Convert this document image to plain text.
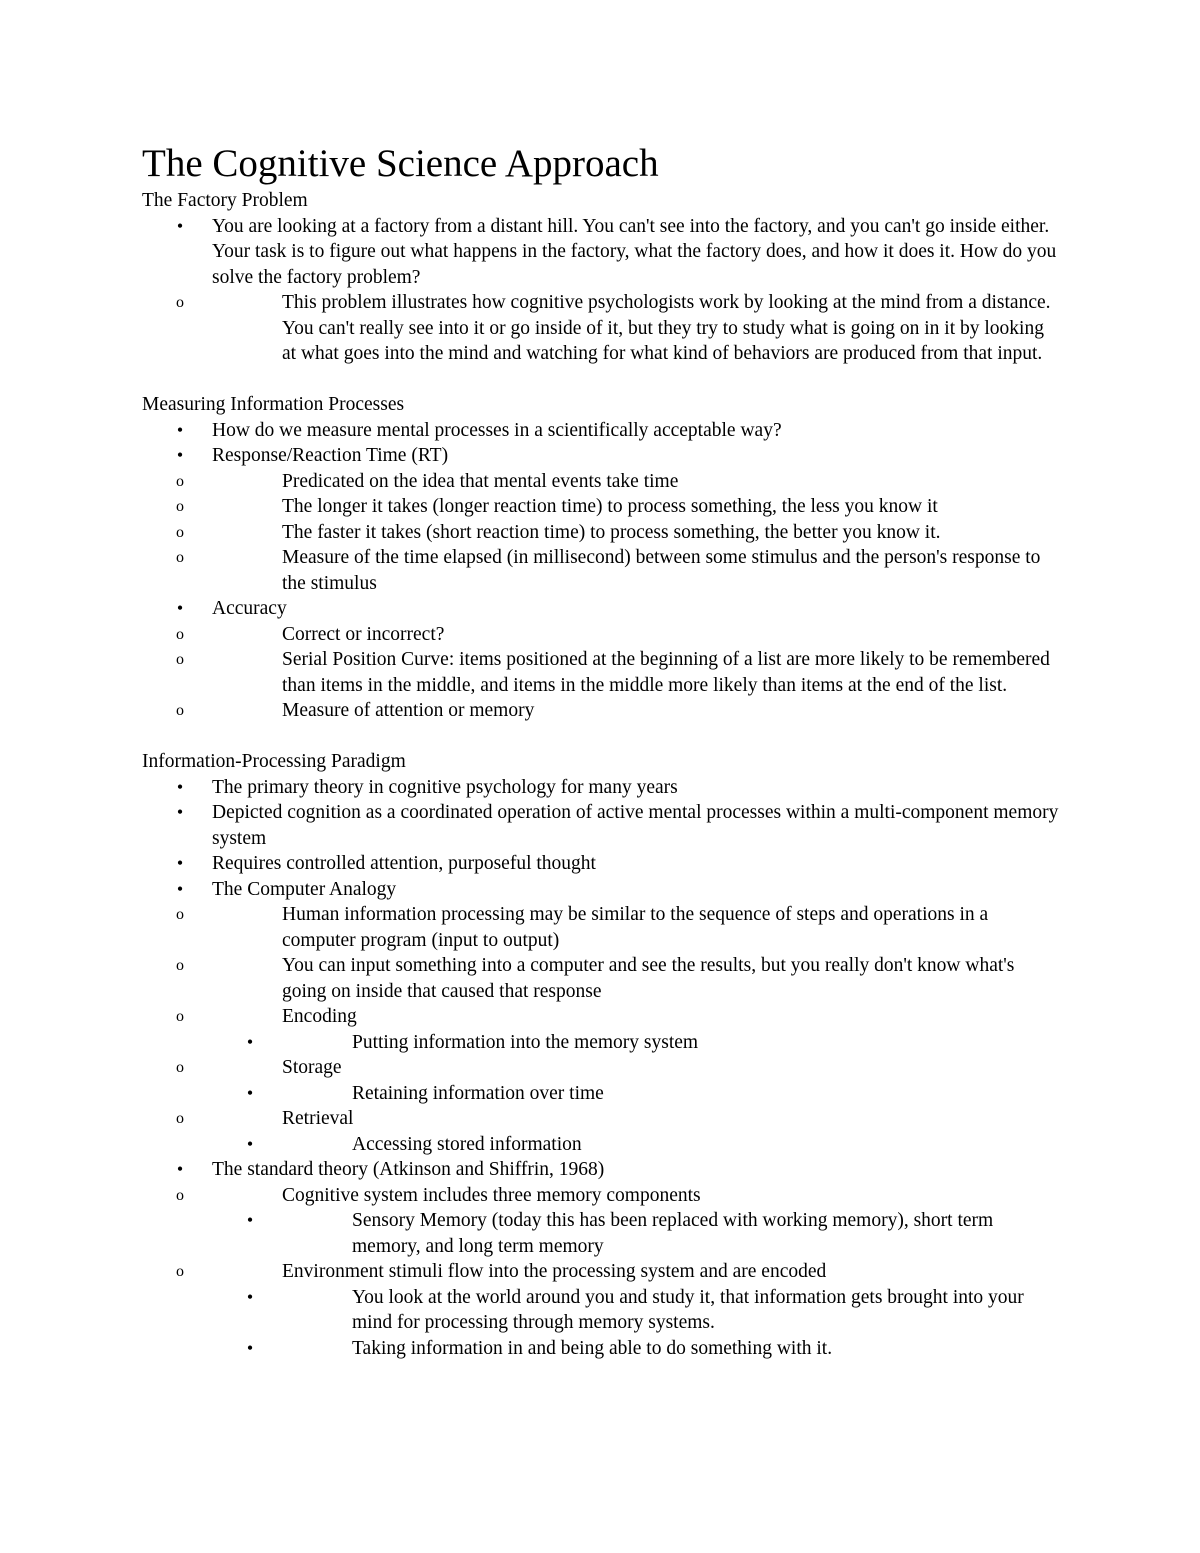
The Cognitive Science Approach

The Factory Problem

•	You are looking at a factory from a distant hill. You can't see into the factory, and you can't go inside either. Your task is to figure out what happens in the factory, what the factory does, and how it does it. How do you solve the factory problem?
o	This problem illustrates how cognitive psychologists work by looking at the mind from a distance. You can't really see into it or go inside of it, but they try to study what is going on in it by looking at what goes into the mind and watching for what kind of behaviors are produced from that input.

Measuring Information Processes

•	How do we measure mental processes in a scientifically acceptable way?
•	Response/Reaction Time (RT)
o	Predicated on the idea that mental events take time
o	The longer it takes (longer reaction time) to process something, the less you know it
o	The faster it takes (short reaction time) to process something, the better you know it.
o	Measure of the time elapsed (in millisecond) between some stimulus and the person's response to the stimulus
•	Accuracy
o	Correct or incorrect?
o	Serial Position Curve: items positioned at the beginning of a list are more likely to be remembered than items in the middle, and items in the middle more likely than items at the end of the list.
o	Measure of attention or memory

Information-Processing Paradigm

•	The primary theory in cognitive psychology for many years
•	Depicted cognition as a coordinated operation of active mental processes within a multi-component memory system
•	Requires controlled attention, purposeful thought
•	The Computer Analogy
o	Human information processing may be similar to the sequence of steps and operations in a computer program (input to output)
o	You can input something into a computer and see the results, but you really don't know what's going on inside that caused that response
o	Encoding
•	Putting information into the memory system
o	Storage
•	Retaining information over time
o	Retrieval
•	Accessing stored information
•	The standard theory (Atkinson and Shiffrin, 1968)
o	Cognitive system includes three memory components
•	Sensory Memory (today this has been replaced with working memory), short term memory, and long term memory
o	Environment stimuli flow into the processing system and are encoded
•	You look at the world around you and study it, that information gets brought into your mind for processing through memory systems.
•	Taking information in and being able to do something with it.
